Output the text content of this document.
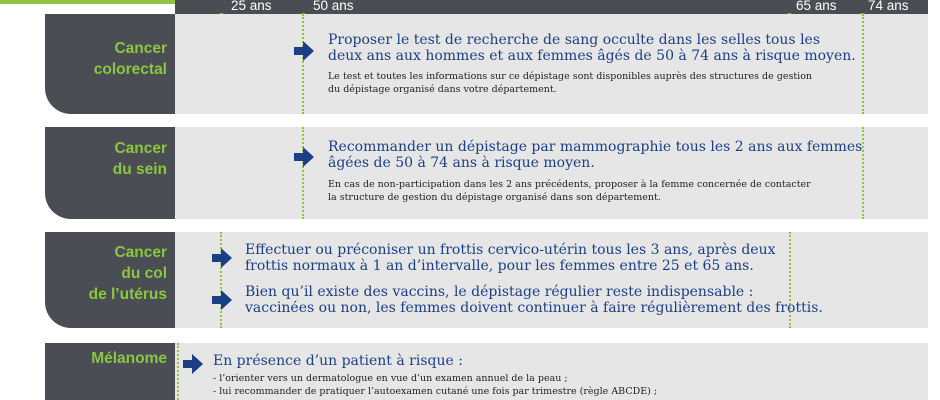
25 ans	50 ans	65 ans 74 ans
Cancer
colorectal
Proposer le test de recherche de sang occulte dans les selles tous les
deux ans aux hommes et aux femmes âgés de 50 à 74 ans à risque moyen.
Le test et toutes les informations sur ce dépistage sont disponibles auprès des structures de gestion
du dépistage organisé dans votre département.
Cancer
du sein
Recommander un dépistage par mammographie tous les 2 ans aux femmes
âgées de 50 à 74 ans à risque moyen.
En cas de non-participation dans les 2 ans précédents, proposer à la femme concernée de contacter
la structure de gestion du dépistage organisé dans son département.
Cancer
du col
de l’utérus
Effectuer ou préconiser un frottis cervico-utérin tous les 3 ans, après deux
frottis normaux à 1 an d’intervalle, pour les femmes entre 25 et 65 ans.
Bien qu’il existe des vaccins, le dépistage régulier reste indispensable :
vaccinées ou non, les femmes doivent continuer à faire régulièrement des frottis.
Mélanome	En présence d’un patient à risque :
- l’orienter vers un dermatologue en vue d’un examen annuel de la peau ;
- lui recommander de pratiquer l’autoexamen cutané une fois par trimestre (règle ABCDE) ;
